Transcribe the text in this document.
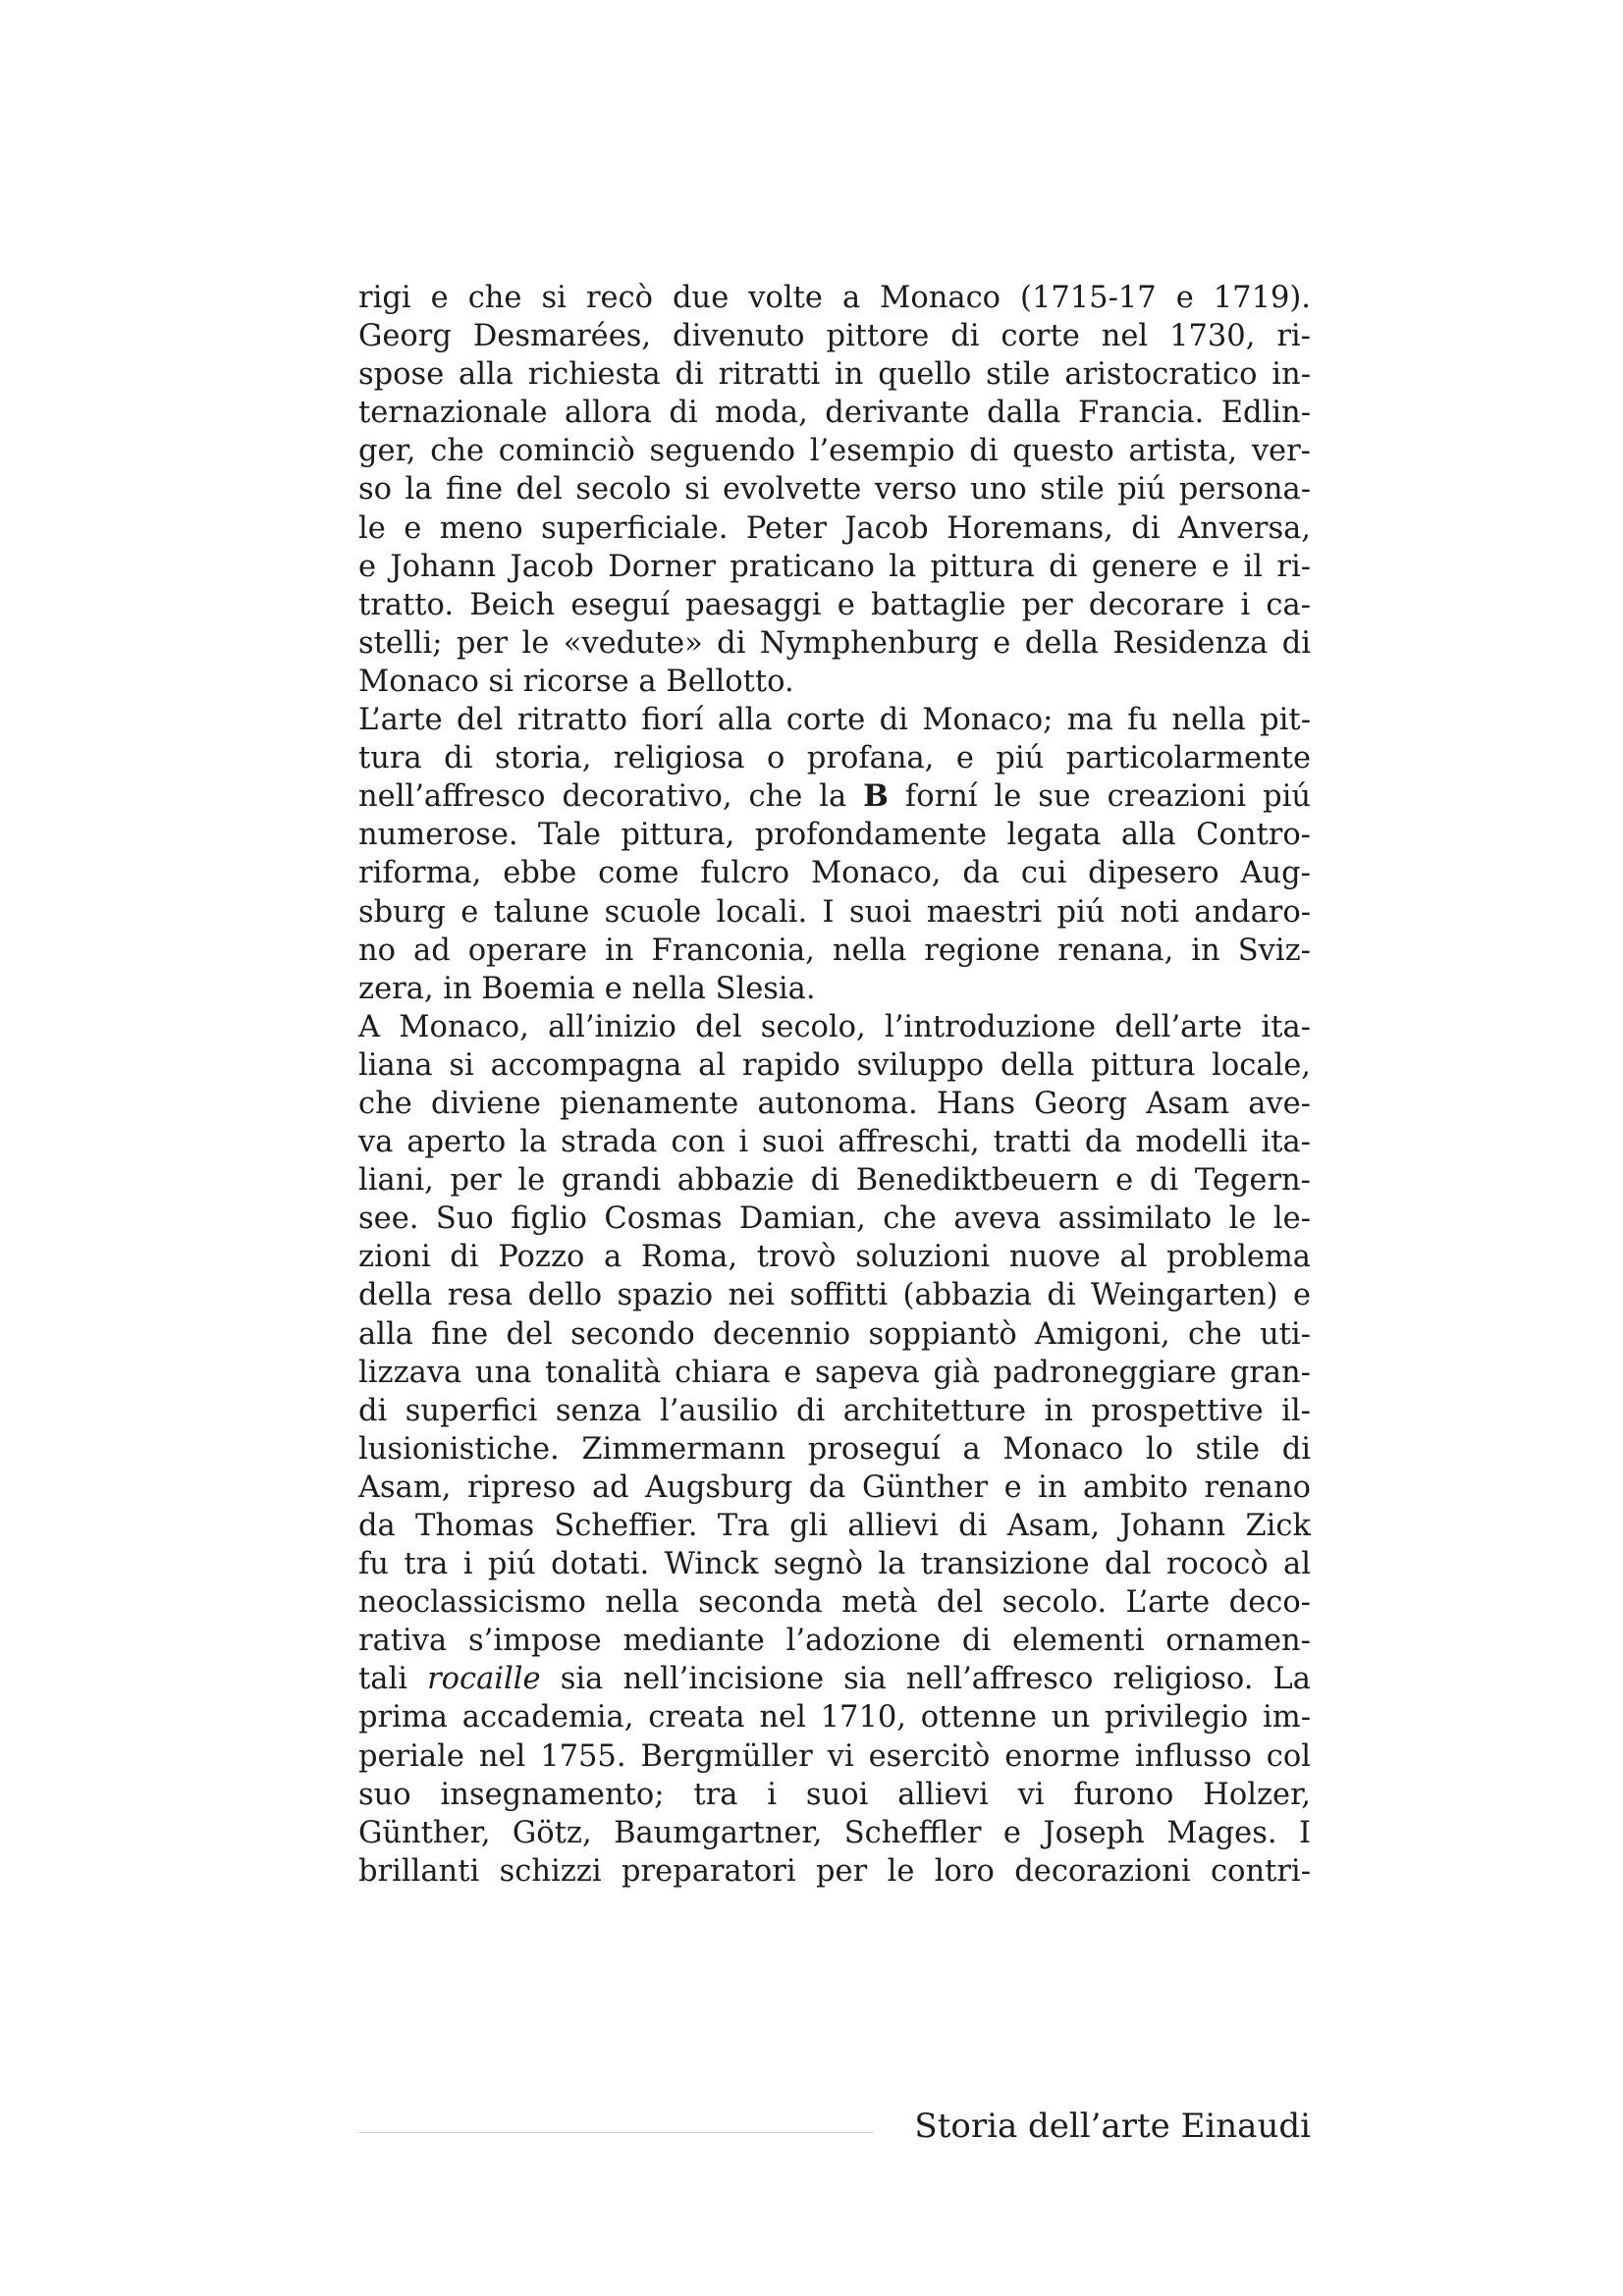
rigi e che si recò due volte a Monaco (1715-17 e 1719).
Georg Desmarées, divenuto pittore di corte nel 1730, ri-
spose alla richiesta di ritratti in quello stile aristocratico in-
ternazionale allora di moda, derivante dalla Francia. Edlin-
ger, che cominciò seguendo l’esempio di questo artista, ver-
so la fine del secolo si evolvette verso uno stile piú persona-
le e meno superficiale. Peter Jacob Horemans, di Anversa,
e Johann Jacob Dorner praticano la pittura di genere e il ri-
tratto. Beich eseguí paesaggi e battaglie per decorare i ca-
stelli; per le «vedute» di Nymphenburg e della Residenza di
Monaco si ricorse a Bellotto.
L’arte del ritratto fiorí alla corte di Monaco; ma fu nella pit-
tura di storia, religiosa o profana, e piú particolarmente
nell’affresco decorativo, che la B forní le sue creazioni piú
numerose. Tale pittura, profondamente legata alla Contro-
riforma, ebbe come fulcro Monaco, da cui dipesero Aug-
sburg e talune scuole locali. I suoi maestri piú noti andaro-
no ad operare in Franconia, nella regione renana, in Sviz-
zera, in Boemia e nella Slesia.
A Monaco, all’inizio del secolo, l’introduzione dell’arte ita-
liana si accompagna al rapido sviluppo della pittura locale,
che diviene pienamente autonoma. Hans Georg Asam ave-
va aperto la strada con i suoi affreschi, tratti da modelli ita-
liani, per le grandi abbazie di Benediktbeuern e di Tegern-
see. Suo figlio Cosmas Damian, che aveva assimilato le le-
zioni di Pozzo a Roma, trovò soluzioni nuove al problema
della resa dello spazio nei soffitti (abbazia di Weingarten) e
alla fine del secondo decennio soppiantò Amigoni, che uti-
lizzava una tonalità chiara e sapeva già padroneggiare gran-
di superfici senza l’ausilio di architetture in prospettive il-
lusionistiche. Zimmermann proseguí a Monaco lo stile di
Asam, ripreso ad Augsburg da Günther e in ambito renano
da Thomas Scheffier. Tra gli allievi di Asam, Johann Zick
fu tra i piú dotati. Winck segnò la transizione dal rococò al
neoclassicismo nella seconda metà del secolo. L’arte deco-
rativa s’impose mediante l’adozione di elementi ornamen-
tali rocaille sia nell’incisione sia nell’affresco religioso. La
prima accademia, creata nel 1710, ottenne un privilegio im-
periale nel 1755. Bergmüller vi esercitò enorme influsso col
suo insegnamento; tra i suoi allievi vi furono Holzer,
Günther, Götz, Baumgartner, Scheffler e Joseph Mages. I
brillanti schizzi preparatori per le loro decorazioni contri-
Storia dell’arte Einaudi
